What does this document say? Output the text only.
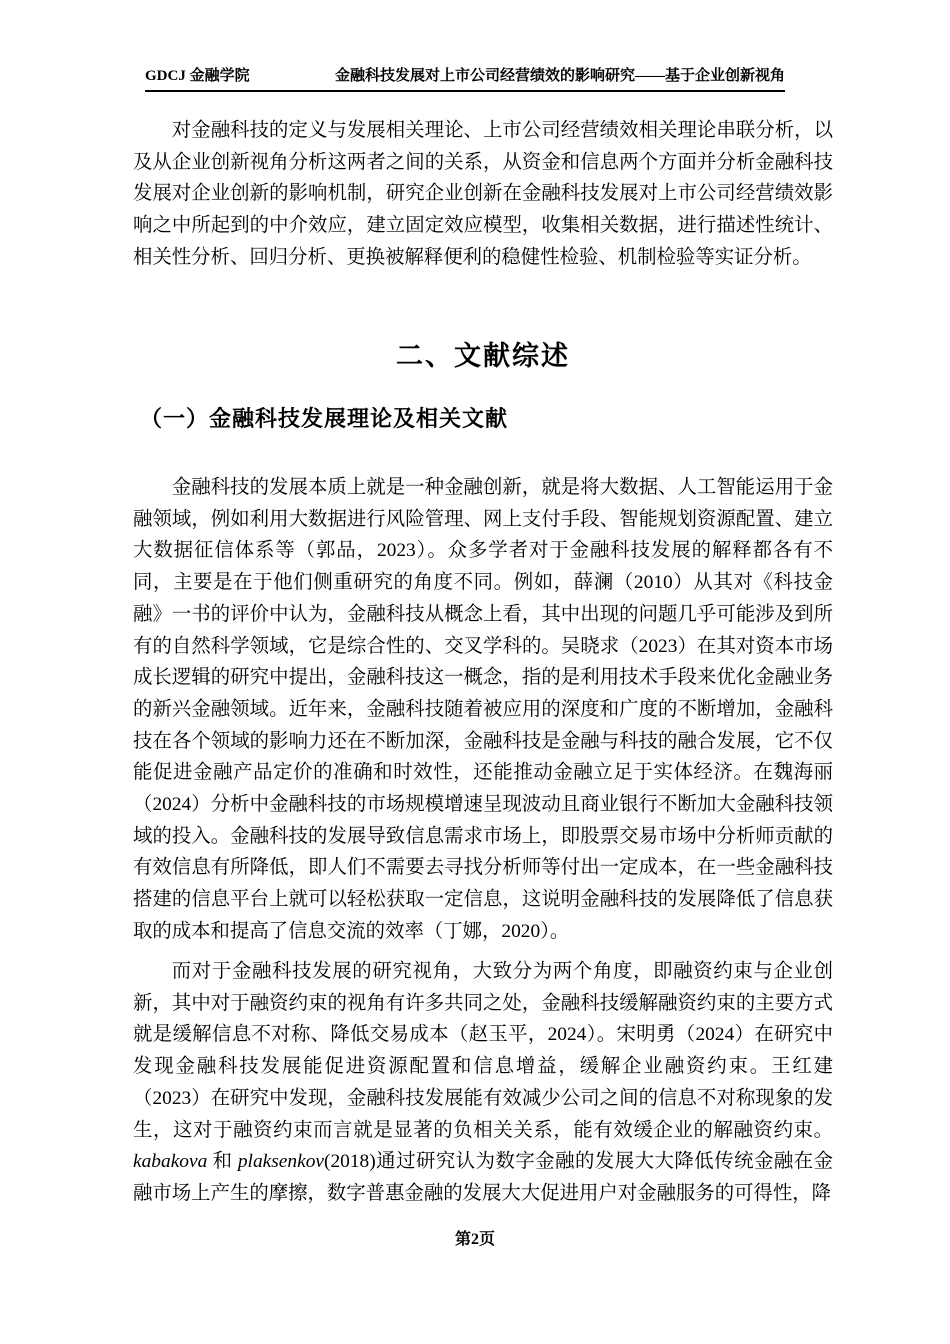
GDCJ 金融学院	金融科技发展对上市公司经营绩效的影响研究——基于企业创新视角

对金融科技的定义与发展相关理论、上市公司经营绩效相关理论串联分析，以及从企业创新视角分析这两者之间的关系，从资金和信息两个方面并分析金融科技发展对企业创新的影响机制，研究企业创新在金融科技发展对上市公司经营绩效影响之中所起到的中介效应，建立固定效应模型，收集相关数据，进行描述性统计、相关性分析、回归分析、更换被解释便利的稳健性检验、机制检验等实证分析。

二、文献综述
（一）金融科技发展理论及相关文献

金融科技的发展本质上就是一种金融创新，就是将大数据、人工智能运用于金融领域，例如利用大数据进行风险管理、网上支付手段、智能规划资源配置、建立大数据征信体系等（郭品，2023）。众多学者对于金融科技发展的解释都各有不同，主要是在于他们侧重研究的角度不同。例如，薛澜（2010）从其对《科技金融》一书的评价中认为，金融科技从概念上看，其中出现的问题几乎可能涉及到所有的自然科学领域，它是综合性的、交叉学科的。吴晓求（2023）在其对资本市场成长逻辑的研究中提出，金融科技这一概念，指的是利用技术手段来优化金融业务的新兴金融领域。近年来，金融科技随着被应用的深度和广度的不断增加，金融科技在各个领域的影响力还在不断加深，金融科技是金融与科技的融合发展，它不仅能促进金融产品定价的准确和时效性，还能推动金融立足于实体经济。在魏海丽（2024）分析中金融科技的市场规模增速呈现波动且商业银行不断加大金融科技领域的投入。金融科技的发展导致信息需求市场上，即股票交易市场中分析师贡献的有效信息有所降低，即人们不需要去寻找分析师等付出一定成本，在一些金融科技搭建的信息平台上就可以轻松获取一定信息，这说明金融科技的发展降低了信息获取的成本和提高了信息交流的效率（丁娜，2020）。

而对于金融科技发展的研究视角，大致分为两个角度，即融资约束与企业创新，其中对于融资约束的视角有许多共同之处，金融科技缓解融资约束的主要方式就是缓解信息不对称、降低交易成本（赵玉平，2024）。宋明勇（2024）在研究中发现金融科技发展能促进资源配置和信息增益，缓解企业融资约束。王红建（2023）在研究中发现，金融科技发展能有效减少公司之间的信息不对称现象的发生，这对于融资约束而言就是显著的负相关关系，能有效缓企业的解融资约束。kabakova 和 plaksenkov(2018)通过研究认为数字金融的发展大大降低传统金融在金融市场上产生的摩擦，数字普惠金融的发展大大促进用户对金融服务的可得性，降

第2页
